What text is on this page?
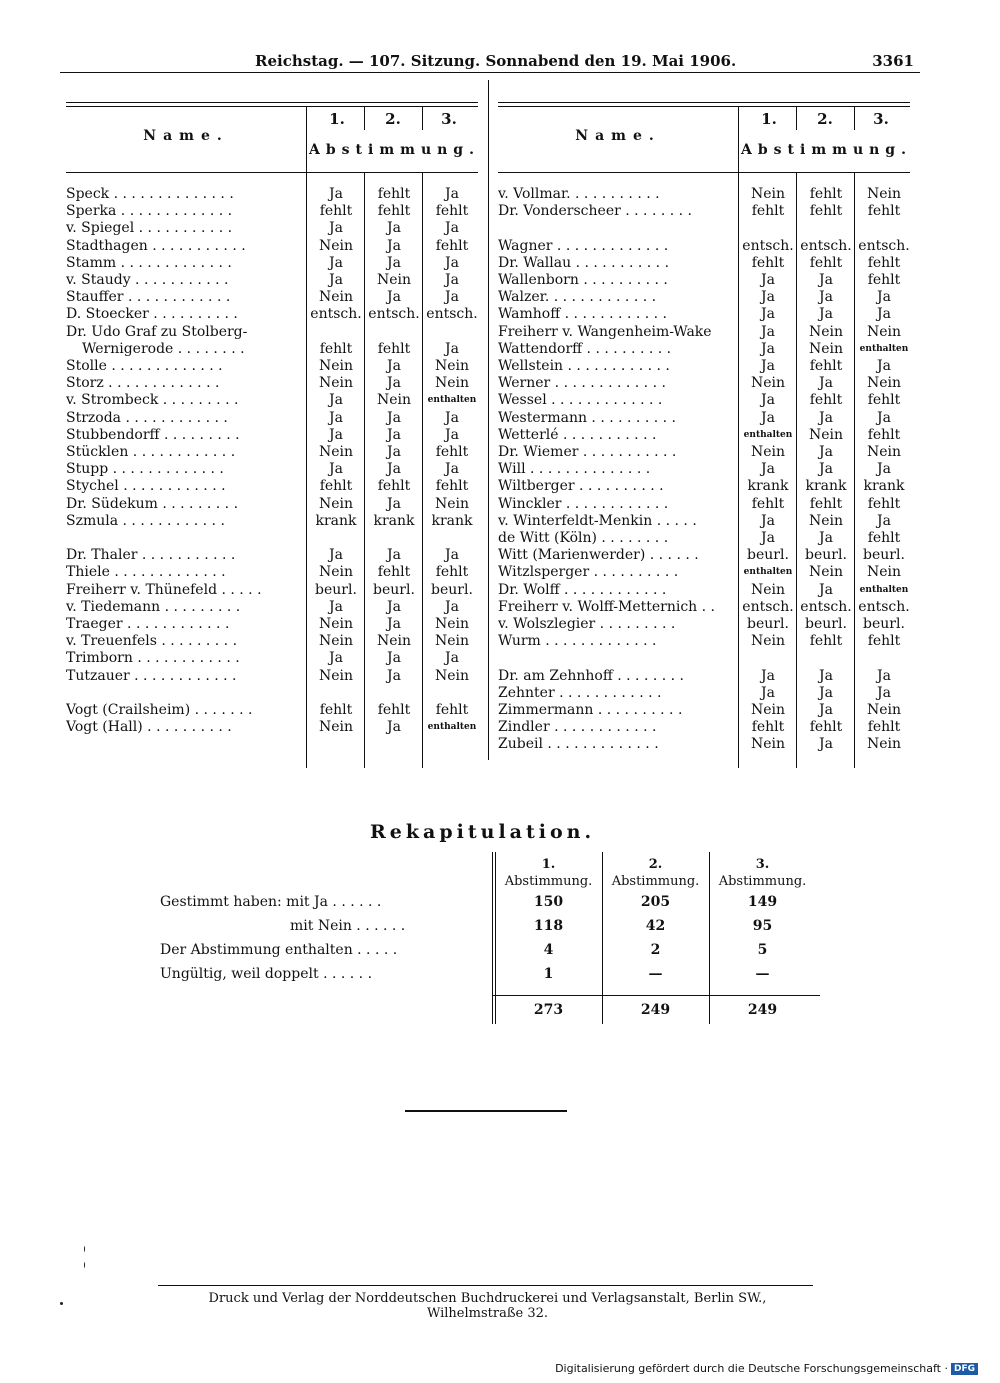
Reichstag. — 107. Sitzung. Sonnabend den 19. Mai 1906.	3361
Name.
1.	2.	3.
Abstimmung.
Speck . . . . . . . . . . . . . .	Ja	fehlt	Ja
Sperka . . . . . . . . . . . . .	fehlt	fehlt	fehlt
v. Spiegel . . . . . . . . . . .	Ja	Ja	Ja
Stadthagen . . . . . . . . . . .	Nein	Ja	fehlt
Stamm . . . . . . . . . . . . .	Ja	Ja	Ja
v. Staudy . . . . . . . . . . .	Ja	Nein	Ja
Stauffer . . . . . . . . . . . .	Nein	Ja	Ja
D. Stoecker . . . . . . . . . .	entsch. entsch. entsch.
Dr. Udo Graf zu Stolberg-
Wernigerode . . . . . . . .	fehlt	fehlt	Ja
Stolle . . . . . . . . . . . . .	Nein	Ja	Nein
Storz . . . . . . . . . . . . .	Nein	Ja	Nein
v. Strombeck . . . . . . . . .	Ja	Nein	enthalten
Strzoda . . . . . . . . . . . .	Ja	Ja	Ja
Stubbendorff . . . . . . . . .	Ja	Ja	Ja
Stücklen . . . . . . . . . . . .	Nein	Ja	fehlt
Stupp . . . . . . . . . . . . .	Ja	Ja	Ja
Stychel . . . . . . . . . . . .	fehlt	fehlt	fehlt
Dr. Südekum . . . . . . . . .	Nein	Ja	Nein
Szmula . . . . . . . . . . . .	krank	krank	krank
Dr. Thaler . . . . . . . . . . .	Ja	Ja	Ja
Thiele . . . . . . . . . . . . .	Nein	fehlt	fehlt
Freiherr v. Thünefeld . . . . .	beurl.	beurl.	beurl.
v. Tiedemann . . . . . . . . .	Ja	Ja	Ja
Traeger . . . . . . . . . . . .	Nein	Ja	Nein
v. Treuenfels . . . . . . . . .	Nein	Nein	Nein
Trimborn . . . . . . . . . . . .	Ja	Ja	Ja
Tutzauer . . . . . . . . . . . .	Nein	Ja	Nein
Vogt (Crailsheim) . . . . . . .	fehlt	fehlt	fehlt
Vogt (Hall) . . . . . . . . . .	Nein	Ja	enthalten
Name.
1.	2.	3.
Abstimmung.
v. Vollmar. . . . . . . . . . .	Nein	fehlt	Nein
Dr. Vonderscheer . . . . . . . .	fehlt	fehlt	fehlt
Wagner . . . . . . . . . . . . .	entsch. entsch. entsch.
Dr. Wallau . . . . . . . . . . .	fehlt	fehlt	fehlt
Wallenborn . . . . . . . . . .	Ja	Ja	fehlt
Walzer. . . . . . . . . . . . .	Ja	Ja	Ja
Wamhoff . . . . . . . . . . . .	Ja	Ja	Ja
Freiherr v. Wangenheim-Wake	Ja	Nein	Nein
Wattendorff . . . . . . . . . .	Ja	Nein	enthalten
Wellstein . . . . . . . . . . . .	Ja	fehlt	Ja
Werner . . . . . . . . . . . . .	Nein	Ja	Nein
Wessel . . . . . . . . . . . . .	Ja	fehlt	fehlt
Westermann . . . . . . . . . .	Ja	Ja	Ja
Wetterlé . . . . . . . . . . .	enthalten	Nein	fehlt
Dr. Wiemer . . . . . . . . . . .	Nein	Ja	Nein
Will . . . . . . . . . . . . . .	Ja	Ja	Ja
Wiltberger . . . . . . . . . .	krank	krank	krank
Winckler . . . . . . . . . . . .	fehlt	fehlt	fehlt
v. Winterfeldt-Menkin . . . . .	Ja	Nein	Ja
de Witt (Köln) . . . . . . . .	Ja	Ja	fehlt
Witt (Marienwerder) . . . . . .	beurl.	beurl.	beurl.
Witzlsperger . . . . . . . . . .	enthalten	Nein	Nein
Dr. Wolff . . . . . . . . . . . .	Nein	Ja	enthalten
Freiherr v. Wolff-Metternich . .	entsch. entsch. entsch.
v. Wolszlegier . . . . . . . . .	beurl.	beurl.	beurl.
Wurm . . . . . . . . . . . . .	Nein	fehlt	fehlt
Dr. am Zehnhoff . . . . . . . .	Ja	Ja	Ja
Zehnter . . . . . . . . . . . .	Ja	Ja	Ja
Zimmermann . . . . . . . . . .	Nein	Ja	Nein
Zindler . . . . . . . . . . . .	fehlt	fehlt	fehlt
Zubeil . . . . . . . . . . . . .	Nein	Ja	Nein
Rekapitulation.
1.
Abstimmung.
2.
Abstimmung.
3.
Abstimmung.
Gestimmt haben: mit Ja . . . . . .	150	205	149
mit Nein . . . . . .	118	42	95
Der Abstimmung enthalten . . . . .	4	2	5
Ungültig, weil doppelt . . . . . .	1	—	—
273	249	249
Druck und Verlag der Norddeutschen Buchdruckerei und Verlagsanstalt, Berlin SW., Wilhelmstraße 32.
Digitalisierung gefördert durch die Deutsche Forschungsgemeinschaft · DFG
